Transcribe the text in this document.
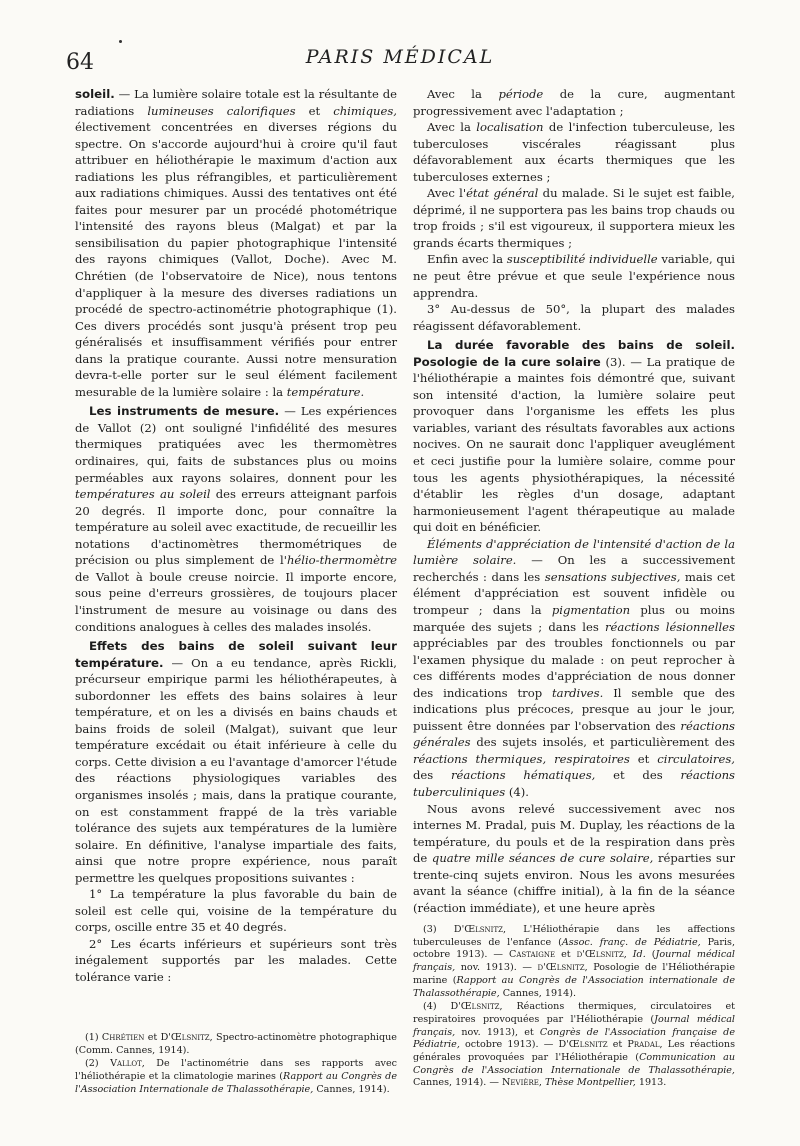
64	PARIS MÉDICAL

soleil. — La lumière solaire totale est la résultante de radiations lumineuses calorifiques et chimiques, électivement concentrées en diverses régions du spectre. On s'accorde aujourd'hui à croire qu'il faut attribuer en héliothérapie le maximum d'action aux radiations les plus réfrangibles, et particulièrement aux radiations chimiques. Aussi des tentatives ont été faites pour mesurer par un procédé photométrique l'intensité des rayons bleus (Malgat) et par la sensibilisation du papier photographique l'intensité des rayons chimiques (Vallot, Doche). Avec M. Chrétien (de l'observatoire de Nice), nous tentons d'appliquer à la mesure des diverses radiations un procédé de spectro-actinométrie photographique (1). Ces divers procédés sont jusqu'à présent trop peu généralisés et insuffisamment vérifiés pour entrer dans la pratique courante. Aussi notre mensuration devra-t-elle porter sur le seul élément facilement mesurable de la lumière solaire : la température.

Les instruments de mesure. — Les expériences de Vallot (2) ont souligné l'infidélité des mesures thermiques pratiquées avec les thermomètres ordinaires, qui, faits de substances plus ou moins perméables aux rayons solaires, donnent pour les températures au soleil des erreurs atteignant parfois 20 degrés. Il importe donc, pour connaître la température au soleil avec exactitude, de recueillir les notations d'actinomètres thermométriques de précision ou plus simplement de l'hélio-thermomètre de Vallot à boule creuse noircie. Il importe encore, sous peine d'erreurs grossières, de toujours placer l'instrument de mesure au voisinage ou dans des conditions analogues à celles des malades insolés.

Effets des bains de soleil suivant leur température. — On a eu tendance, après Rickli, précurseur empirique parmi les héliothérapeutes, à subordonner les effets des bains solaires à leur température, et on les a divisés en bains chauds et bains froids de soleil (Malgat), suivant que leur température excédait ou était inférieure à celle du corps. Cette division a eu l'avantage d'amorcer l'étude des réactions physiologiques variables des organismes insolés ; mais, dans la pratique courante, on est constamment frappé de la très variable tolérance des sujets aux températures de la lumière solaire. En définitive, l'analyse impartiale des faits, ainsi que notre propre expérience, nous paraît permettre les quelques propositions suivantes :

1° La température la plus favorable du bain de soleil est celle qui, voisine de la température du corps, oscille entre 35 et 40 degrés.

2° Les écarts inférieurs et supérieurs sont très inégalement supportés par les malades. Cette tolérance varie :

Avec la période de la cure, augmentant progressivement avec l'adaptation ;

Avec la localisation de l'infection tuberculeuse, les tuberculoses viscérales réagissant plus défavorablement aux écarts thermiques que les tuberculoses externes ;

Avec l'état général du malade. Si le sujet est faible, déprimé, il ne supportera pas les bains trop chauds ou trop froids ; s'il est vigoureux, il supportera mieux les grands écarts thermiques ;

Enfin avec la susceptibilité individuelle variable, qui ne peut être prévue et que seule l'expérience nous apprendra.

3° Au-dessus de 50°, la plupart des malades réagissent défavorablement.

La durée favorable des bains de soleil. Posologie de la cure solaire (3). — La pratique de l'héliothérapie a maintes fois démontré que, suivant son intensité d'action, la lumière solaire peut provoquer dans l'organisme les effets les plus variables, variant des résultats favorables aux actions nocives. On ne saurait donc l'appliquer aveuglément et ceci justifie pour la lumière solaire, comme pour tous les agents physiothérapiques, la nécessité d'établir les règles d'un dosage, adaptant harmonieusement l'agent thérapeutique au malade qui doit en bénéficier.

Éléments d'appréciation de l'intensité d'action de la lumière solaire. — On les a successivement recherchés : dans les sensations subjectives, mais cet élément d'appréciation est souvent infidèle ou trompeur ; dans la pigmentation plus ou moins marquée des sujets ; dans les réactions lésionnelles appréciables par des troubles fonctionnels ou par l'examen physique du malade : on peut reprocher à ces différents modes d'appréciation de nous donner des indications trop tardives. Il semble que des indications plus précoces, presque au jour le jour, puissent être données par l'observation des réactions générales des sujets insolés, et particulièrement des réactions thermiques, respiratoires et circulatoires, des réactions hématiques, et des réactions tuberculiniques (4).

Nous avons relevé successivement avec nos internes M. Pradal, puis M. Duplay, les réactions de la température, du pouls et de la respiration dans près de quatre mille séances de cure solaire, réparties sur trente-cinq sujets environ. Nous les avons mesurées avant la séance (chiffre initial), à la fin de la séance (réaction immédiate), et une heure après

(1) Chrétien et D'Œlsnitz, Spectro-actinomètre photographique (Comm. Cannes, 1914).

(2) Vallot, De l'actinométrie dans ses rapports avec l'héliothérapie et la climatologie marines (Rapport au Congrès de l'Association Internationale de Thalassothérapie, Cannes, 1914).

(3) D'Œlsnitz, L'Héliothérapie dans les affections tuberculeuses de l'enfance (Assoc. franç. de Pédiatrie, Paris, octobre 1913). — Castaigne et d'Œlsnitz, Id. (Journal médical français, nov. 1913). — d'Œlsnitz, Posologie de l'Héliothérapie marine (Rapport au Congrès de l'Association internationale de Thalassothérapie, Cannes, 1914).

(4) D'Œlsnitz, Réactions thermiques, circulatoires et respiratoires provoquées par l'Héliothérapie (Journal médical français, nov. 1913), et Congrès de l'Association française de Pédiatrie, octobre 1913). — D'Œlsnitz et Pradal, Les réactions générales provoquées par l'Héliothérapie (Communication au Congrès de l'Association Internationale de Thalassothérapie, Cannes, 1914). — Nevière, Thèse Montpellier, 1913.
